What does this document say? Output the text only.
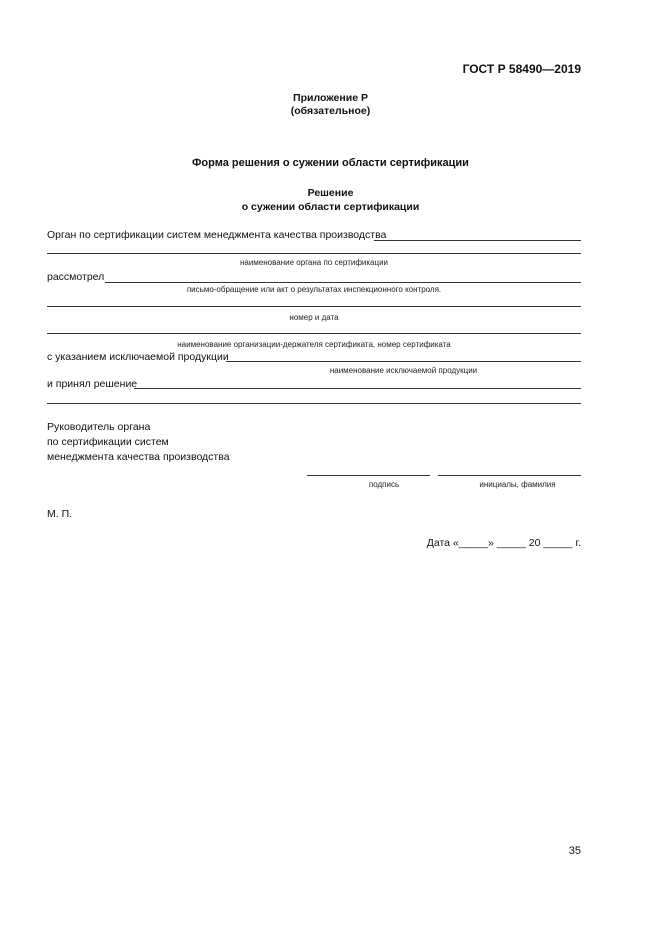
ГОСТ Р 58490—2019
Приложение Р
(обязательное)
Форма решения о сужении области сертификации
Решение
о сужении области сертификации
Орган по сертификации систем менеджмента качества производства
наименование органа по сертификации
рассмотрел
письмо-обращение или акт о результатах инспекционного контроля.
номер и дата
наименование организации-держателя сертификата, номер сертификата
с указанием исключаемой продукции
наименование исключаемой продукции
и принял решение
Руководитель органа
по сертификации систем
менеджмента качества производства
подпись	инициалы, фамилия
М. П.
Дата «_____» _____ 20 _____ г.
35
